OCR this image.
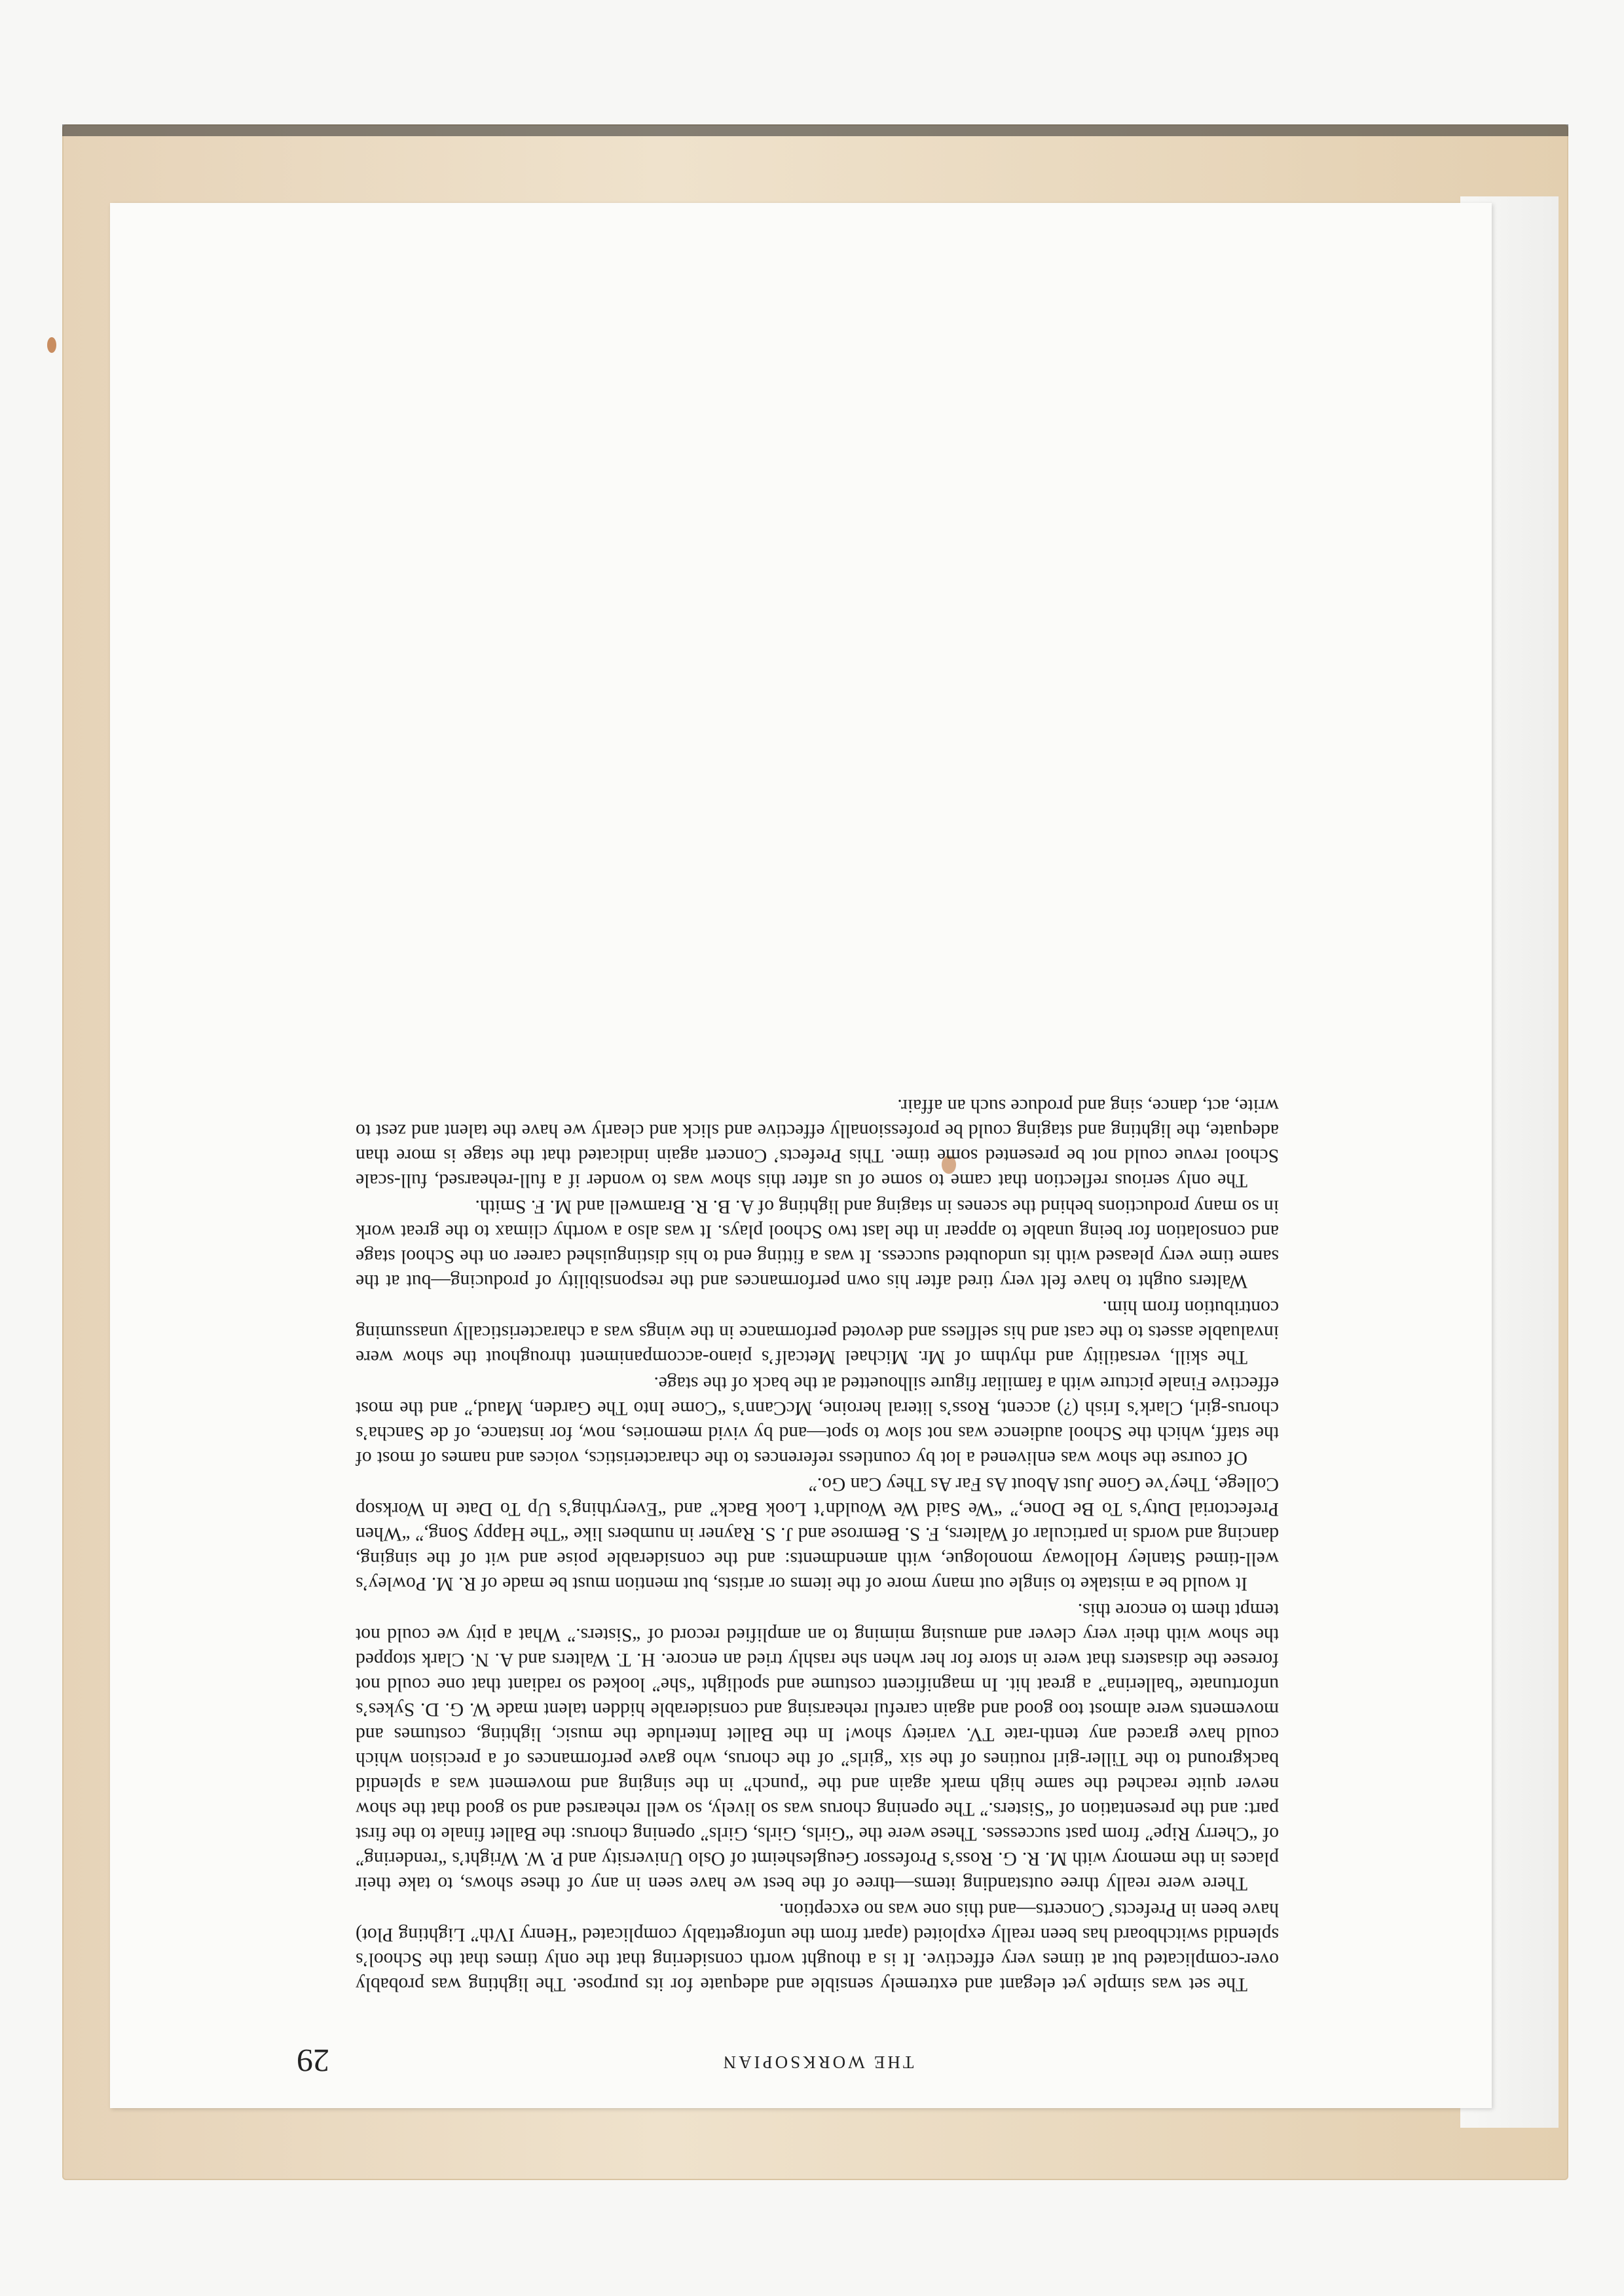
THE WORKSOPIAN
29

The set was simple yet elegant and extremely sensible and adequate for its purpose. The lighting was probably over-complicated but at times very effective. It is a thought worth considering that the only times that the School’s splendid switchboard has been really exploited (apart from the unforgettably complicated “Henry IVth” Lighting Plot) have been in Prefects’ Concerts—and this one was no exception.

There were really three outstanding items—three of the best we have seen in any of these shows, to take their places in the memory with M. R. G. Ross’s Professor Geuglesheimt of Oslo University and P. W. Wright’s “rendering” of “Cherry Ripe” from past successes. These were the “Girls, Girls, Girls” opening chorus: the Ballet finale to the first part: and the presentation of “Sisters.” The opening chorus was so lively, so well rehearsed and so good that the show never quite reached the same high mark again and the “punch” in the singing and movement was a splendid background to the Tiller-girl routines of the six “girls” of the chorus, who gave performances of a precision which could have graced any tenth-rate TV. variety show! In the Ballet Interlude the music, lighting, costumes and movements were almost too good and again careful rehearsing and considerable hidden talent made W. G. D. Sykes’s unfortunate “ballerina” a great hit. In magnificent costume and spotlight “she” looked so radiant that one could not foresee the disasters that were in store for her when she rashly tried an encore. H. T. Walters and A. N. Clark stopped the show with their very clever and amusing miming to an amplified record of “Sisters.” What a pity we could not tempt them to encore this.

It would be a mistake to single out many more of the items or artists, but mention must be made of R. M. Powley’s well-timed Stanley Holloway monologue, with amendments: and the considerable poise and wit of the singing, dancing and words in particular of Walters, F. S. Bemrose and J. S. Rayner in numbers like “The Happy Song,” “When Prefectorial Duty’s To Be Done,” “We Said We Wouldn’t Look Back” and “Everything’s Up To Date In Worksop College, They’ve Gone Just About As Far As They Can Go.”

Of course the show was enlivened a lot by countless references to the characteristics, voices and names of most of the staff, which the School audience was not slow to spot—and by vivid memories, now, for instance, of de Sancha’s chorus-girl, Clark’s Irish (?) accent, Ross’s literal heroine, McCann’s “Come Into The Garden, Maud,” and the most effective Finale picture with a familiar figure silhouetted at the back of the stage.

The skill, versatility and rhythm of Mr. Michael Metcalf’s piano-accompaniment throughout the show were invaluable assets to the cast and his selfless and devoted performance in the wings was a characteristically unassuming contribution from him.

Walters ought to have felt very tired after his own performances and the responsibility of producing—but at the same time very pleased with its undoubted success. It was a fitting end to his distinguished career on the School stage and consolation for being unable to appear in the last two School plays. It was also a worthy climax to the great work in so many productions behind the scenes in staging and lighting of A. B. R. Bramwell and M. F. Smith.

The only serious reflection that came to some of us after this show was to wonder if a full-rehearsed, full-scale School revue could not be presented some time. This Prefects’ Concert again indicated that the stage is more than adequate, the lighting and staging could be professionally effective and slick and clearly we have the talent and zest to write, act, dance, sing and produce such an affair.
